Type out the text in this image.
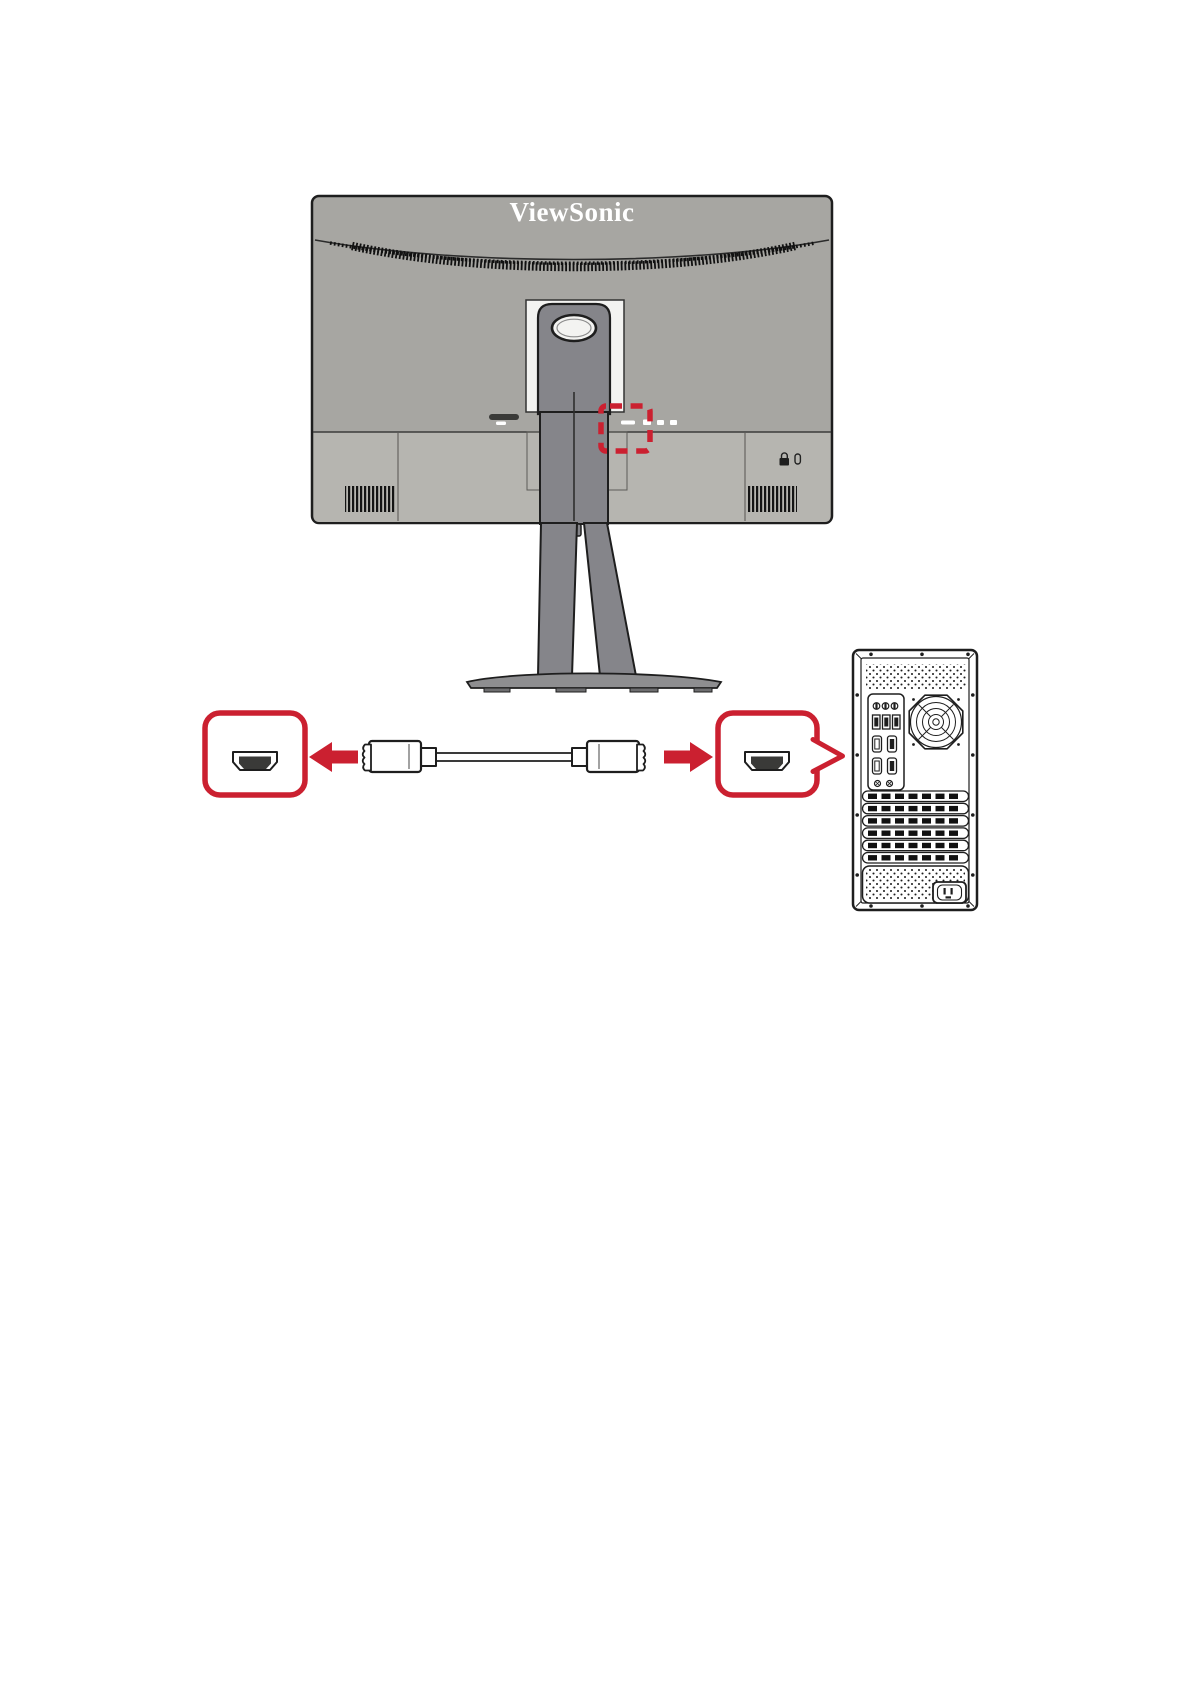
ViewSonic
